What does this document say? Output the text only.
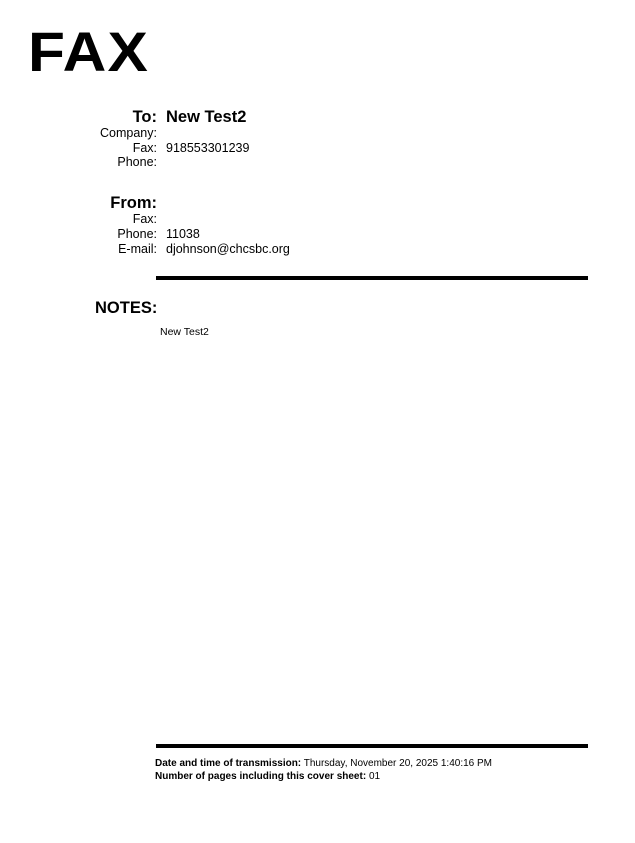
FAX
To: New Test2
Company:
Fax: 918553301239
Phone:
From:
Fax:
Phone: 11038
E-mail: djohnson@chcsbc.org
NOTES:
New Test2
Date and time of transmission: Thursday, November 20, 2025 1:40:16 PM
Number of pages including this cover sheet: 01
